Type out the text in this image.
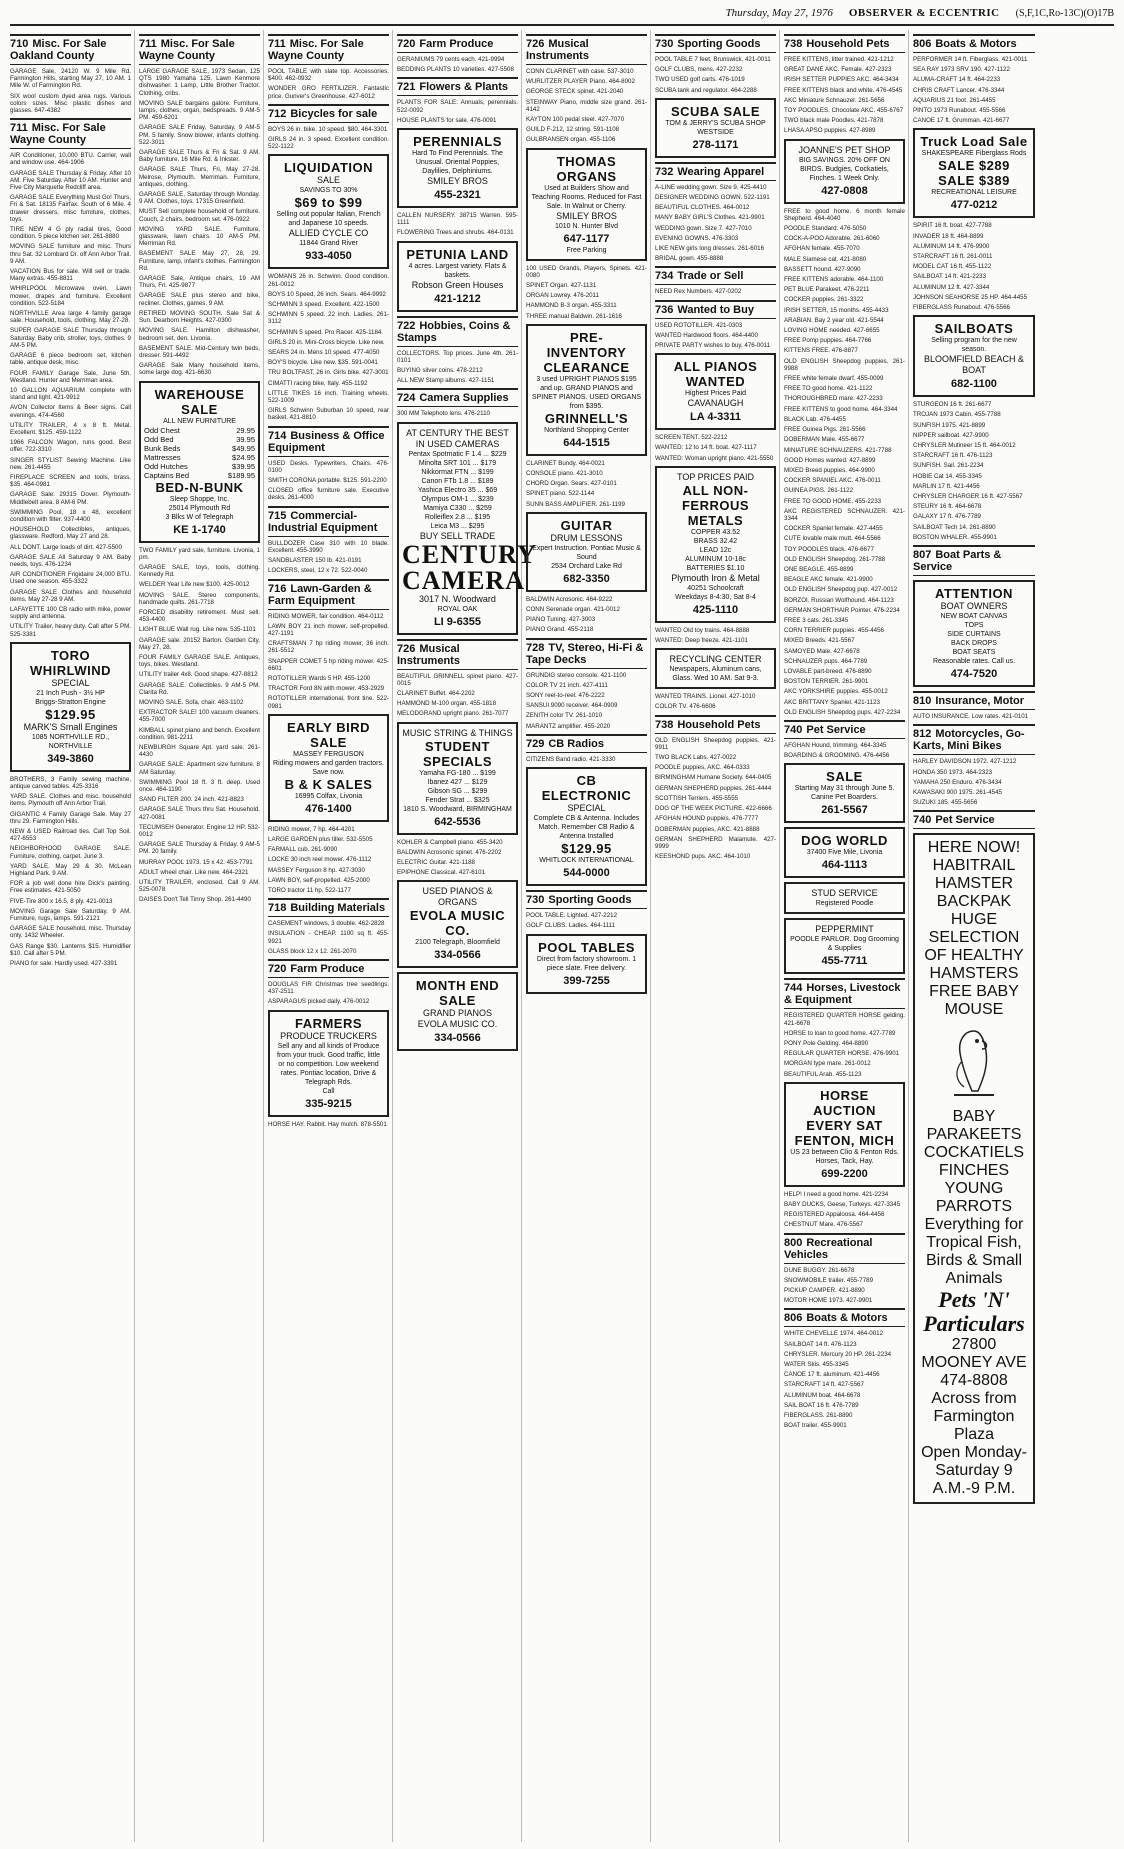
Thursday, May 27, 1976 OBSERVER & ECCENTRIC (S,F,1C,Ro-13C)(O)17B
710 Misc. For Sale Oakland County

GARAGE Sale, 24120 W. 9 Mile Rd. Farmington Hills, starting May 27, 10 AM. 1 Mile W. of Farmington Rd.

SIX wool custom dyed area rugs. Various colors sizes. Misc plastic dishes and glasses. 647-4382

711 Misc. For Sale Wayne County

AIR Conditioner, 10,000 BTU. Carrier, wall and window use. 464-1906

GARAGE SALE Thursday & Friday. After 10 AM. Five Saturday. After 10 AM. Hunter and Five City Marquette Redcliff area.

GARAGE SALE Everything Must Go! Thurs, Fri & Sat. 18135 Fairfax. South of 6 Mile. 4 drawer dressers, misc furniture, clothes, toys.

TIRE NEW 4 G ply radial tires, Good condition. 5 piece kitchen set. 261-8880

MOVING SALE furniture and misc. Thurs thru Sat. 32 Lombard Dr. off Ann Arbor Trail. 9 AM.

VACATION Bus for sale. Will sell or trade. Many extras. 455-8811

WHIRLPOOL Microwave oven. Lawn mower, drapes and furniture. Excellent condition. 522-5184

NORTHVILLE Area large 4 family garage sale. Household, tools, clothing. May 27-28.

SUPER GARAGE SALE Thursday through Saturday. Baby crib, stroller, toys, clothes. 9 AM-5 PM.

GARAGE 6 piece bedroom set, kitchen table, antique desk, misc.

FOUR FAMILY Garage Sale, June 5th. Westland. Hunter and Merriman area.

10 GALLON AQUARIUM complete with stand and light. 421-9912

AVON Collector Items & Beer signs. Call evenings. 474-4560

UTILITY TRAILER, 4 x 8 ft. Metal. Excellent. $125. 459-1122

1966 FALCON Wagon, runs good. Best offer. 722-3310

SINGER STYLIST Sewing Machine. Like new. 261-4455

FIREPLACE SCREEN and tools, brass. $35. 464-0981

GARAGE Sale. 29315 Dover. Plymouth-Middlebelt area. 8 AM-6 PM.

SWIMMING Pool, 18 x 48, excellent condition with filter. 937-4400

HOUSEHOLD Collectibles, antiques, glassware. Redford. May 27 and 28.

ALL DONT. Large loads of dirt. 427-5500

GARAGE SALE All Saturday 9 AM. Baby needs, toys. 476-1234

AIR CONDITIONER Frigidaire 24,000 BTU. Used one season. 455-3322

GARAGE SALE Clothes and household items. May 27-28 9 AM.

LAFAYETTE 100 CB radio with mike, power supply and antenna.

UTILITY Trailer, heavy duty. Call after 5 PM. 525-3381

TORO WHIRLWIND
SPECIAL
21 Inch Push - 3½ HP
Briggs-Stratton Engine
$129.95
MARK'S Small Engines
1085 NORTHVILLE RD., NORTHVILLE
349-3860

BROTHERS, 3 Family sewing machine, antique carved tables. 425-3316

YARD SALE. Clothes and misc. household items. Plymouth off Ann Arbor Trail.

GIGANTIC 4 Family Garage Sale. May 27 thru 29. Farmington Hills.

NEW & USED Railroad ties. Call Top Soil. 427-6553

NEIGHBORHOOD GARAGE SALE. Furniture, clothing, carpet. June 3.

YARD SALE. May 29 & 30. McLean Highland Park. 9 AM.

FOR a job well done hire Dick's painting. Free estimates. 421-5050

FIVE-Tire 800 x 16.5, 8 ply. 421-0013

MOVING Garage Sale Saturday. 9 AM. Furniture, rugs, lamps. 591-2121

GARAGE SALE household, misc. Thursday only. 1432 Wheeler.

GAS Range $30. Lanterns $15. Humidifier $10. Call after 5 PM.

PIANO for sale. Hardly used. 427-3391

711 Misc. For Sale Wayne County

LARGE GARAGE SALE, 1973 Sedan, 125 QTS 1980 Yamaha 125. Lawn Kenmore dishwasher. 1 Lamp, Little Brother Tractor. Clothing, cribs.

MOVING SALE bargains galore. Furniture, lamps, clothes, organ, bedspreads. 9 AM-5 PM. 459-6201

GARAGE SALE Friday, Saturday, 9 AM-5 PM. 5 family. Snow blower, infants clothing. 522-3011

GARAGE SALE Thurs & Fri & Sat. 9 AM. Baby furniture. 16 Mile Rd. & Inkster.

GARAGE SALE Thurs, Fri, May 27-28. Melrose, Plymouth. Merriman. Furniture, antiques, clothing.

GARAGE SALE, Saturday through Monday. 9 AM. Clothes, toys. 17315 Greenfield.

MUST Sell complete household of furniture. Couch, 2 chairs, bedroom set. 476-0922

MOVING YARD SALE. Furniture, glassware, lawn chairs. 10 AM-5 PM. Merriman Rd.

BASEMENT SALE May 27, 28, 29. Furniture, lamp, infant's clothes. Farmington Rd.

GARAGE Sale, Antique chairs, 19 AM Thurs, Fri. 425-9877

GARAGE SALE plus stereo and bike, recliner. Clothes, games. 9 AM.

RETIRED MOVING SOUTH. Sale Sat & Sun. Dearborn Heights. 427-0300

MOVING SALE. Hamilton dishwasher, bedroom set, den. Livonia.

BASEMENT SALE. Mid-Century twin beds, dresser. 591-4492

GARAGE Sale Many household items, some large dog. 421-6630

WAREHOUSE
SALE
ALL NEW FURNITURE
Odd Chest	29.95
Odd Bed	39.95
Bunk Beds	$49.95
Mattresses	$24.95
Odd Hutches	$39.95
Captains Bed	$189.95
BED-N-BUNK
Sleep Shoppe, Inc.
25014 Plymouth Rd
3 Blks W of Telegraph
KE 1-1740

TWO FAMILY yard sale, furniture. Livonia, 1 pm.

GARAGE SALE, toys, tools, clothing. Kennedy Rd.

WELDER Year Life new $100. 425-0012

MOVING SALE. Stereo components, handmade quilts. 261-7718

FORCED disability retirement. Must sell. 453-4400

LIGHT BLUE Wall rug. Like new. 535-1101

GARAGE sale. 20152 Barton. Garden City. May 27, 28.

FOUR FAMILY GARAGE SALE. Antiques, toys, bikes. Westland.

UTILITY trailer 4x8. Good shape. 427-8812

GARAGE SALE. Collectibles. 9 AM-5 PM. Clarita Rd.

MOVING SALE. Sofa, chair. 463-1102

EXTRACTOR SALE! 100 vacuum cleaners. 455-7000

KIMBALL spinet piano and bench. Excellent condition. 981-2211

NEWBURGH Square Apt. yard sale. 261-4430

GARAGE SALE: Apartment size furniture. 8 AM Saturday.

SWIMMING Pool 18 ft. 3 ft. deep. Used once. 464-1190

SAND FILTER 200. 24 inch. 421-8823

GARAGE SALE Thurs thru Sat. Household. 427-0081

TECUMSEH Generator. Engine 12 HP. 532-0012

GARAGE SALE Thursday & Friday. 9 AM-5 PM. 20 family.

MURRAY POOL 1973. 15 x 42. 453-7791

ADULT wheel chair. Like new. 464-2321

UTILITY TRAILER, enclosed. Call 9 AM. 525-0078

DAISES Don't Tell Tinny Shop. 261-4490

711 Misc. For Sale Wayne County

POOL TABLE with slate top. Accessories. $400. 462-0932

WONDER GRO FERTILIZER. Fantastic price. Gunver's Greenhouse. 427-6012

712 Bicycles for sale

BOYS 26 in. bike. 10 speed. $80. 464-3301

GIRLS 24 in. 3 speed. Excellent condition. 522-1122

LIQUIDATION
SALE
SAVINGS TO 30%
$69 to $99
Selling out popular Italian, French and Japanese 10 speeds.
ALLIED CYCLE CO
11844 Grand River
933-4050

WOMANS 26 in. Schwinn. Good condition. 261-0012

BOYS 10 Speed, 26 inch. Sears. 464-9992

SCHWINN 3 speed. Excellent. 422-1500

SCHWINN 5 speed. 22 inch. Ladies. 261-3112

SCHWINN 5 speed. Pro Racer. 425-1184

GIRLS 20 in. Mini-Cross bicycle. Like new.

SEARS 24 in. Mens 10 speed. 477-4050

BOY'S bicycle. Like new. $35. 591-0041

TRU BOLTFAST, 26 in. Girls bike. 427-3001

CIMATTI racing bike, Italy. 455-1192

LITTLE TIKES 16 inch. Training wheels. 522-1009

GIRLS Schwinn Suburban 10 speed, rear basket. 421-8810

714 Business & Office Equipment

USED Desks. Typewriters. Chairs. 476-0100

SMITH CORONA portable. $125. 591-2200

CLOSED office furniture sale. Executive desks. 261-4000

715 Commercial-Industrial Equipment

BULLDOZER Case 310 with 10 blade. Excellent. 455-3990

SANDBLASTER 150 lb. 421-0191

LOCKERS, steel, 12 x 72. 522-0040

716 Lawn-Garden & Farm Equipment

RIDING MOWER, fair condition. 464-0112

LAWN BOY 21 inch mower, self-propelled. 427-1191

CRAFTSMAN 7 hp riding mower, 36 inch. 261-5512

SNAPPER COMET 5 hp riding mower. 425-6601

ROTOTILLER Wards 5 HP. 455-1200

TRACTOR Ford 8N with mower. 453-2929

ROTOTILLER international, front tine. 522-0981

EARLY BIRD SALE
MASSEY FERGUSON
Riding mowers and garden tractors. Save now.
B & K SALES
16995 Colfax, Livonia
476-1400

RIDING mower, 7 hp. 464-4201

LARGE GARDEN plus tiller. 532-5505

FARMALL cub. 261-9090

LOCKE 30 inch reel mower. 476-1112

MASSEY Ferguson 8 hp. 427-3030

LAWN BOY, self-propelled. 425-2000

TORO tractor 11 hp. 522-1177

718 Building Materials

CASEMENT windows, 3 double. 462-2828

INSULATION - CHEAP. 1100 sq ft. 455-9921

GLASS block 12 x 12. 261-2070

720 Farm Produce

DOUGLAS FIR Christmas tree seedlings. 437-2511

ASPARAGUS picked daily. 476-0012

FARMERS
PRODUCE TRUCKERS
Sell any and all kinds of Produce from your truck. Good traffic, little or no competition. Low weekend rates. Pontiac location, Drive & Telegraph Rds.
Call
335-9215

HORSE HAY. Rabbit. Hay mulch. 878-5501

720 Farm Produce

GERANIUMS 79 cents each. 421-9994

BEDDING PLANTS 10 varieties. 427-5508

721 Flowers & Plants

PLANTS FOR SALE: Annuals, perennials. 522-0092

HOUSE PLANTS for sale. 476-0091

PERENNIALS
Hard To Find Perennials. The Unusual. Oriental Poppies, Daylilies, Delphiniums.
SMILEY BROS
455-2321

CALLEN NURSERY. 38715 Warren. 595-1111

FLOWERING Trees and shrubs. 464-0131

PETUNIA LAND
4 acres. Largest variety. Flats & baskets.
Robson Green Houses
421-1212
722 Hobbies, Coins & Stamps

COLLECTORS. Top prices. June 4th. 261-0101

BUYING silver coins. 478-2212

ALL NEW Stamp albums. 427-1151

724 Camera Supplies

300 MM Telephoto lens. 476-2110

AT CENTURY THE BEST IN USED CAMERAS
Pentax Spotmatic F 1.4 ... $229
Minolta SRT 101 ... $179
Nikkormat FTN ... $199
Canon FTb 1.8 ... $189
Yashica Electro 35 ... $69
Olympus OM-1 ... $239
Mamiya C330 ... $259
Rolleiflex 2.8 ... $195
Leica M3 ... $295
BUY SELL TRADE
CENTURY
CAMERA
3017 N. Woodward
ROYAL OAK
LI 9-6355
726 Musical Instruments

BEAUTIFUL GRINNELL spinet piano. 427-0015

CLARINET Buffet. 464-2202

HAMMOND M-100 organ. 455-1818

MELODGRAND upright piano. 261-7077

MUSIC STRING & THINGS
STUDENT SPECIALS
Yamaha FG-180 ... $199
Ibanez 427 ... $129
Gibson SG ... $299
Fender Strat ... $325
1810 S. Woodward, BIRMINGHAM
642-5536

KOHLER & Campbell piano. 455-3420

BALDWIN Acrosonic spinet. 476-2202

ELECTRIC Guitar. 421-1188

EPIPHONE Classical. 427-6101

USED PIANOS & ORGANS
EVOLA MUSIC CO.
2100 Telegraph, Bloomfield
334-0566
MONTH END SALE
GRAND PIANOS
EVOLA MUSIC CO.
334-0566
726 Musical Instruments

CONN CLARINET with case. 537-3010

WURLITZER PLAYER Piano. 464-8002

GEORGE STECK spinet. 421-2040

STEINWAY Piano, middle size grand. 261-4142

KAYTON 100 pedal steel. 427-7070

GUILD F-212, 12 string. 591-1108

GULBRANSEN organ. 455-1106

THOMAS ORGANS
Used at Builders Show and Teaching Rooms. Reduced for Fast Sale. In Walnut or Cherry.
SMILEY BROS
1010 N. Hunter Blvd
647-1177
Free Parking

100 USED Grands, Players, Spinets. 421-0080

SPINET Organ. 427-1131

ORGAN Lowrey. 476-2011

HAMMOND B-3 organ. 455-3311

THREE manual Baldwin. 261-1616

PRE-INVENTORY
CLEARANCE
3 used UPRIGHT PIANOS $195 and up. GRAND PIANOS and SPINET PIANOS. USED ORGANS from $395.
GRINNELL'S
Northland Shopping Center
644-1515

CLARINET Bundy. 464-0021

CONSOLE piano. 421-3010

CHORD Organ. Sears. 427-0101

SPINET piano. 522-1144

SUNN BASS AMPLIFIER. 261-1199

GUITAR
DRUM LESSONS
Expert Instruction. Pontiac Music & Sound
2534 Orchard Lake Rd
682-3350

BALDWIN Acrosonic. 464-9222

CONN Serenade organ. 421-0012

PIANO Tuning. 427-3003

PIANO Grand. 455-2118

728 TV, Stereo, Hi-Fi & Tape Decks

GRUNDIG stereo console. 421-1100

COLOR TV 21 inch. 427-4111

SONY reel-to-reel. 476-2222

SANSUI 9090 receiver. 464-0909

ZENITH color TV. 261-1010

MARANTZ amplifier. 455-2020

729 CB Radios

CITIZENS Band radio. 421-3330

CB ELECTRONIC
SPECIAL
Complete CB & Antenna. Includes Match. Remember CB Radio & Antenna Installed
$129.95
WHITLOCK INTERNATIONAL
544-0000
730 Sporting Goods

POOL TABLE. Lighted. 427-2212

GOLF CLUBS. Ladies. 464-1111

POOL TABLES
Direct from factory showroom. 1 piece slate. Free delivery.
399-7255
730 Sporting Goods

POOL TABLE 7 feet. Brunswick. 421-0011

GOLF CLUBS, mens. 427-2232

TWO USED golf carts. 476-1019

SCUBA tank and regulator. 464-2288

SCUBA SALE
TOM & JERRY'S SCUBA SHOP
WESTSIDE
278-1171
732 Wearing Apparel

A-LINE wedding gown. Size 9. 425-4410

DESIGNER WEDDING GOWN. 522-1191

BEAUTIFUL CLOTHES. 464-0012

MANY BABY GIRL'S Clothes. 421-9901

WEDDING gown. Size 7. 427-7010

EVENING GOWNS. 476-3303

LIKE NEW girls long dresses. 261-6016

BRIDAL gown. 455-8888

734 Trade or Sell

NEED Rex Numbers. 427-0202

736 Wanted to Buy

USED ROTOTILLER. 421-0303

WANTED Hardwood floors. 464-4400

PRIVATE PARTY wishes to buy. 476-0011

ALL PIANOS WANTED
Highest Prices Paid
CAVANAUGH
LA 4-3311

SCREEN TENT. 522-2212

WANTED: 12 to 14 ft. boat. 427-1117

WANTED: Woman upright piano. 421-5550

TOP PRICES PAID
ALL NON-FERROUS METALS
COPPER 43.52
BRASS 32.42
LEAD 12c
ALUMINUM 10-18c
BATTERIES $1.10
Plymouth Iron & Metal
40251 Schoolcraft
Weekdays 8-4:30, Sat 8-4
425-1110

WANTED Old toy trains. 464-8888

WANTED: Deep freeze. 421-1101

RECYCLING CENTER
Newspapers, Aluminum cans, Glass. Wed 10 AM. Sat 9-3.

WANTED TRAINS. Lionel. 427-1010

COLOR TV. 476-6606

738 Household Pets

OLD ENGLISH Sheepdog puppies. 421-9911

TWO BLACK Labs. 427-0022

POODLE puppies, AKC. 464-0333

BIRMINGHAM Humane Society. 644-0405

GERMAN SHEPHERD puppies. 261-4444

SCOTTISH Terriers. 455-5555

DOG OF THE WEEK PICTURE. 422-6666

AFGHAN HOUND puppies. 476-7777

DOBERMAN puppies, AKC. 421-8888

GERMAN SHEPHERD Malamute. 427-9999

KEESHOND pups. AKC. 464-1010

738 Household Pets

FREE KITTENS, litter trained. 421-1212

GREAT DANE AKC. Female. 427-2323

IRISH SETTER PUPPIES AKC. 464-3434

FREE KITTENS black and white. 476-4545

AKC Miniature Schnauzer. 261-5656

TOY POODLES. Chocolate AKC. 455-6767

TWO black male Poodles. 421-7878

LHASA APSO puppies. 427-8989

JOANNE'S PET SHOP
BIG SAVINGS. 20% OFF ON BIRDS. Budgies, Cockatiels, Finches. 1 Week Only.
427-0808

FREE to good home. 6 month female Shepherd. 464-4040

POODLE Standard. 476-5050

COCK-A-POO Adorable. 261-6060

AFGHAN female. 455-7070

MALE Siamese cat. 421-8080

BASSETT hound. 427-9090

FREE KITTENS adorable. 464-1100

PET BLUE Parakeet. 476-2211

COCKER puppies. 261-3322

IRISH SETTER, 15 months. 455-4433

ARABIAN. Bay 2 year old. 421-5544

LOVING HOME needed. 427-6655

FREE Pomp puppies. 464-7766

KITTENS FREE. 476-8877

OLD ENGLISH Sheepdog puppies. 261-9988

FREE white female dwarf. 455-0099

FREE TO good home. 421-1122

THOROUGHBRED mare. 427-2233

FREE KITTENS to good home. 464-3344

BLACK Lab. 476-4455

FREE Guinea Pigs. 261-5566

DOBERMAN Male. 455-6677

MINIATURE SCHNAUZERS. 421-7788

GOOD Homes wanted. 427-8899

MIXED Breed puppies. 464-9900

COCKER SPANIEL AKC. 476-0011

GUINEA PIGS. 261-1122

FREE TO GOOD HOME. 455-2233

AKC REGISTERED SCHNAUZER. 421-3344

COCKER Spaniel female. 427-4455

CUTE lovable male mutt. 464-5566

TOY POODLES black. 476-6677

OLD ENGLISH Sheepdog. 261-7788

ONE BEAGLE. 455-8899

BEAGLE AKC female. 421-9900

OLD ENGLISH Sheepdog pup. 427-0012

BORZOI. Russian Wolfhound. 464-1123

GERMAN SHORTHAIR Pointer. 476-2234

FREE 3 cats. 261-3345

CORN TERRIER puppies. 455-4456

MIXED Breeds. 421-5567

SAMOYED Male. 427-6678

SCHNAUZER pups. 464-7789

LOVABLE part-breed. 476-8890

BOSTON TERRIER. 261-9901

AKC YORKSHIRE puppies. 455-0012

AKC BRITTANY Spaniel. 421-1123

OLD ENGLISH Sheepdog pups. 427-2234

740 Pet Service

AFGHAN Hound, trimming. 464-3345

BOARDING & GROOMING. 476-4456

SALE
Starting May 31 through June 5. Canine Pet Boarders.
261-5567
DOG WORLD
37400 Five Mile, Livonia
464-1113
STUD SERVICE
Registered Poodle
PEPPERMINT
POODLE PARLOR. Dog Grooming & Supplies
455-7711
744 Horses, Livestock & Equipment

REGISTERED QUARTER HORSE gelding. 421-6678

HORSE to loan to good home. 427-7789

PONY Pole Gelding. 464-8890

REGULAR QUARTER HORSE. 476-9901

MORGAN type mare. 261-0012

BEAUTIFUL Arab. 455-1123

HORSE AUCTION
EVERY SAT
FENTON, MICH
US 23 between Clio & Fenton Rds. Horses, Tack, Hay.
699-2200

HELP! I need a good home. 421-2234

BABY DUCKS, Geese, Turkeys. 427-3345

REGISTERED Appaloosa. 464-4456

CHESTNUT Mare. 476-5567

800 Recreational Vehicles

DUNE BUGGY. 261-6678

SNOWMOBILE trailer. 455-7789

PICKUP CAMPER. 421-8890

MOTOR HOME 1973. 427-9901

806 Boats & Motors

WHITE CHEVELLE 1974. 464-0012

SAILBOAT 14 ft. 476-1123

CHRYSLER. Mercury 20 HP. 261-2234

WATER Skis. 455-3345

CANOE 17 ft. aluminum. 421-4456

STARCRAFT 14 ft. 427-5567

ALUMINUM boat. 464-6678

SAIL BOAT 16 ft. 476-7789

FIBERGLASS. 261-8890

BOAT trailer. 455-9901

806 Boats & Motors

PERFORMER 14 ft. Fiberglass. 421-0011

SEA RAY 1973 SRV 190. 427-1122

ALUMA-CRAFT 14 ft. 464-2233

CHRIS CRAFT Lancer. 476-3344

AQUARIUS 21 foot. 261-4455

PINTO 1973 Runabout. 455-5566

CANOE 17 ft. Grumman. 421-6677

Truck Load Sale
SHAKESPEARE Fiberglass Rods
SALE $289
SALE $389
RECREATIONAL LEISURE
477-0212

SPIRIT 16 ft. boat. 427-7788

INVADER 18 ft. 464-8899

ALUMINUM 14 ft. 476-9900

STARCRAFT 16 ft. 261-0011

MODEL CAT 16 ft. 455-1122

SAILBOAT 14 ft. 421-2233

ALUMINUM 12 ft. 427-3344

JOHNSON SEAHORSE 25 HP. 464-4455

FIBERGLASS Runabout. 476-5566

SAILBOATS
Selling program for the new season.
BLOOMFIELD BEACH & BOAT
682-1100

STURGEON 16 ft. 261-6677

TROJAN 1973 Cabin. 455-7788

SUNFISH 1975. 421-8899

NIPPER sailboat. 427-9900

CHRYSLER Mutineer 15 ft. 464-0012

STARCRAFT 16 ft. 476-1123

SUNFISH. Sail. 261-2234

HOBIE Cat 14. 455-3345

MARLIN 17 ft. 421-4456

CHRYSLER CHARGER 16 ft. 427-5567

STEURY 16 ft. 464-6678

GALAXY 17 ft. 476-7789

SAILBOAT Tech 14. 261-8890

BOSTON WHALER. 455-9901

807 Boat Parts & Service
ATTENTION
BOAT OWNERS
NEW BOAT CANVAS
TOPS
SIDE CURTAINS
BACK DROPS
BOAT SEATS
Reasonable rates. Call us.
474-7520
810 Insurance, Motor

AUTO INSURANCE. Low rates. 421-0101

812 Motorcycles, Go-Karts, Mini Bikes

HARLEY DAVIDSON 1972. 427-1212

HONDA 350 1973. 464-2323

YAMAHA 250 Enduro. 476-3434

KAWASAKI 900 1975. 261-4545

SUZUKI 185. 455-5656

740 Pet Service
HERE NOW! HABITRAIL HAMSTER BACKPAK
HUGE SELECTION OF HEALTHY HAMSTERS
FREE BABY MOUSE
BABY PARAKEETS COCKATIELS FINCHES
YOUNG PARROTS
Everything for Tropical Fish, Birds & Small Animals
Pets 'N' Particulars
27800 MOONEY AVE 474-8808
Across from Farmington Plaza
Open Monday-Saturday 9 A.M.-9 P.M.
